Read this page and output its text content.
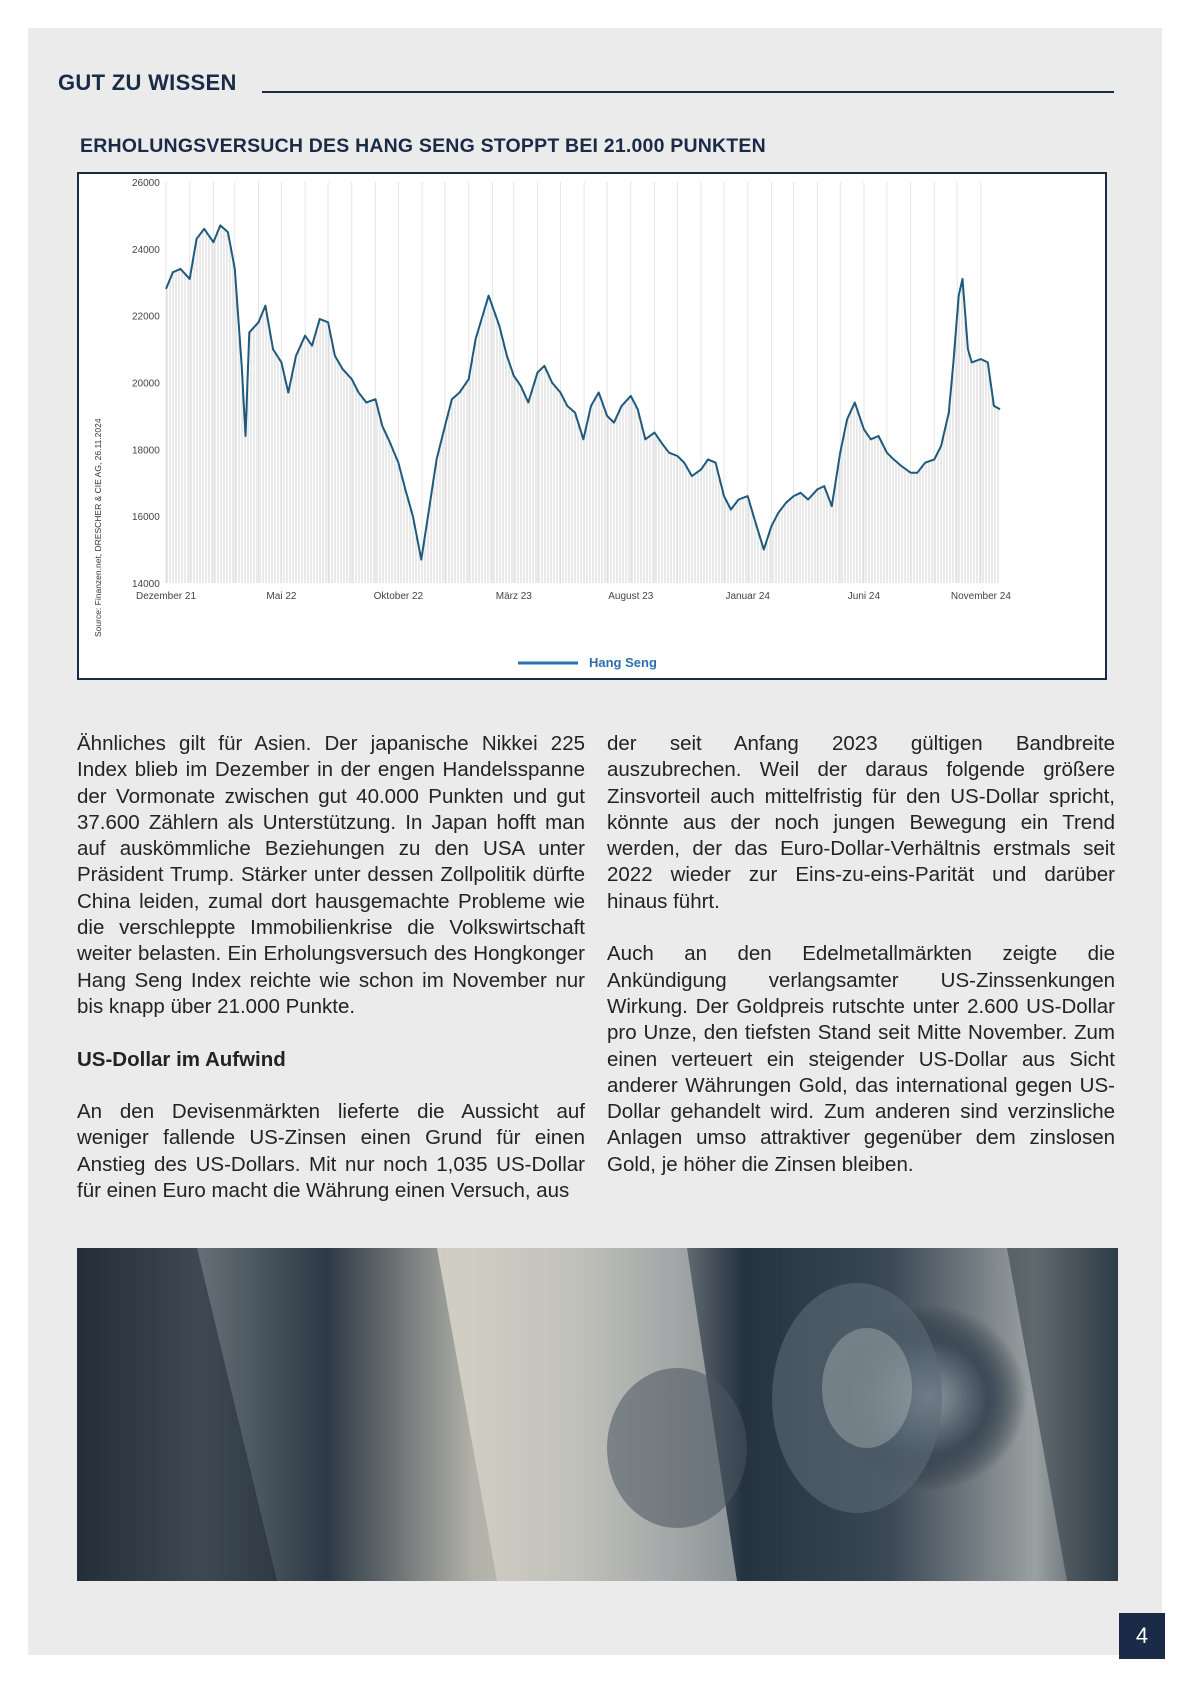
GUT ZU WISSEN
ERHOLUNGSVERSUCH DES HANG SENG STOPPT BEI 21.000 PUNKTEN
26000
24000
22000
20000
18000
16000
14000
Dezember 21	Mai 22	Oktober 22	März 23	August 23	Januar 24	Juni 24	November 24
Source: Finanzen.net, DRESCHER & CIE AG, 26.11.2024
Hang Seng

Ähnliches gilt für Asien. Der japanische Nikkei 225 Index blieb im Dezember in der engen Handelsspanne der Vormonate zwischen gut 40.000 Punkten und gut 37.600 Zählern als Unterstützung. In Japan hofft man auf auskömmliche Beziehungen zu den USA unter Präsident Trump. Stärker unter dessen Zollpolitik dürfte China leiden, zumal dort hausgemachte Probleme wie die verschleppte Immobilienkrise die Volkswirtschaft weiter belasten. Ein Erholungsversuch des Hongkonger Hang Seng Index reichte wie schon im November nur bis knapp über 21.000 Punkte.

US-Dollar im Aufwind

An den Devisenmärkten lieferte die Aussicht auf weniger fallende US-Zinsen einen Grund für einen Anstieg des US-Dollars. Mit nur noch 1,035 US-Dollar für einen Euro macht die Währung einen Versuch, aus

der seit Anfang 2023 gültigen Bandbreite auszubrechen. Weil der daraus folgende größere Zinsvorteil auch mittelfristig für den US-Dollar spricht, könnte aus der noch jungen Bewegung ein Trend werden, der das Euro-Dollar-Verhältnis erstmals seit 2022 wieder zur Eins-zu-eins-Parität und darüber hinaus führt.

Auch an den Edelmetallmärkten zeigte die Ankündigung verlangsamter US-Zinssenkungen Wirkung. Der Goldpreis rutschte unter 2.600 US-Dollar pro Unze, den tiefsten Stand seit Mitte November. Zum einen verteuert ein steigender US-Dollar aus Sicht anderer Währungen Gold, das international gegen US-Dollar gehandelt wird. Zum anderen sind verzinsliche Anlagen umso attraktiver gegenüber dem zinslosen Gold, je höher die Zinsen bleiben.

4
